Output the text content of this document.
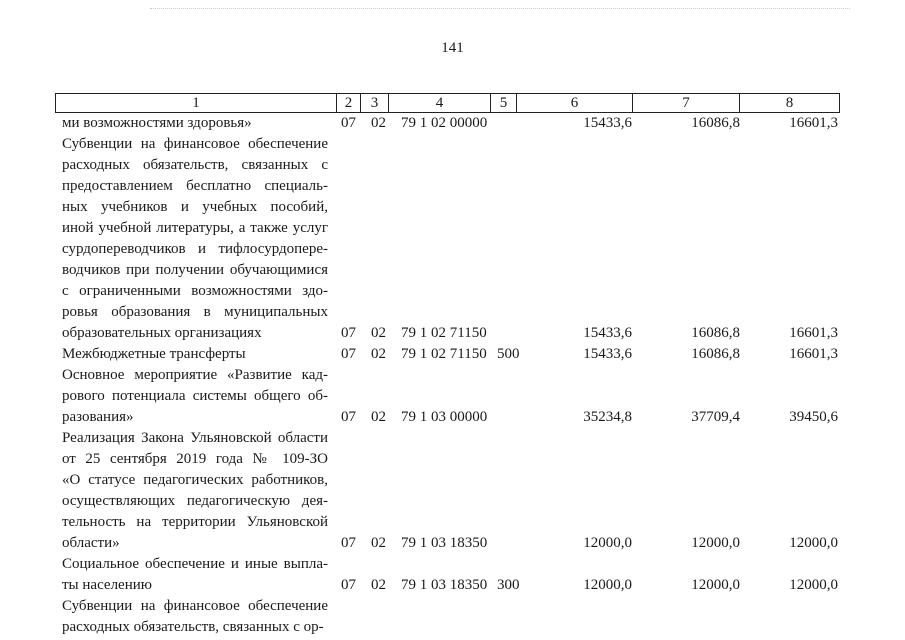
141
1	2	3	4	5	6	7	8
ми возможностями здоровья»	07 02 79 1 02 00000	15433,6	16086,8	16601,3
Субвенции на финансовое обеспечение
расходных обязательств, связанных с
предоставлением бесплатно специаль-
ных учебников и учебных пособий,
иной учебной литературы, а также услуг
сурдопереводчиков и тифлосурдопере-
водчиков при получении обучающимися
с ограниченными возможностями здо-
ровья образования в муниципальных
образовательных организациях	07 02 79 1 02 71150	15433,6	16086,8	16601,3
Межбюджетные трансферты	07 02 79 1 02 71150 500	15433,6	16086,8	16601,3
Основное мероприятие «Развитие кад-
рового потенциала системы общего об-
разования»	07 02 79 1 03 00000	35234,8	37709,4	39450,6
Реализация Закона Ульяновской области
от 25 сентября 2019 года № 109-ЗО
«О статусе педагогических работников,
осуществляющих педагогическую дея-
тельность на территории Ульяновской
области»	07 02 79 1 03 18350	12000,0	12000,0	12000,0
Социальное обеспечение и иные выпла-
ты населению	07 02 79 1 03 18350 300	12000,0	12000,0	12000,0
Субвенции на финансовое обеспечение
расходных обязательств, связанных с ор-
